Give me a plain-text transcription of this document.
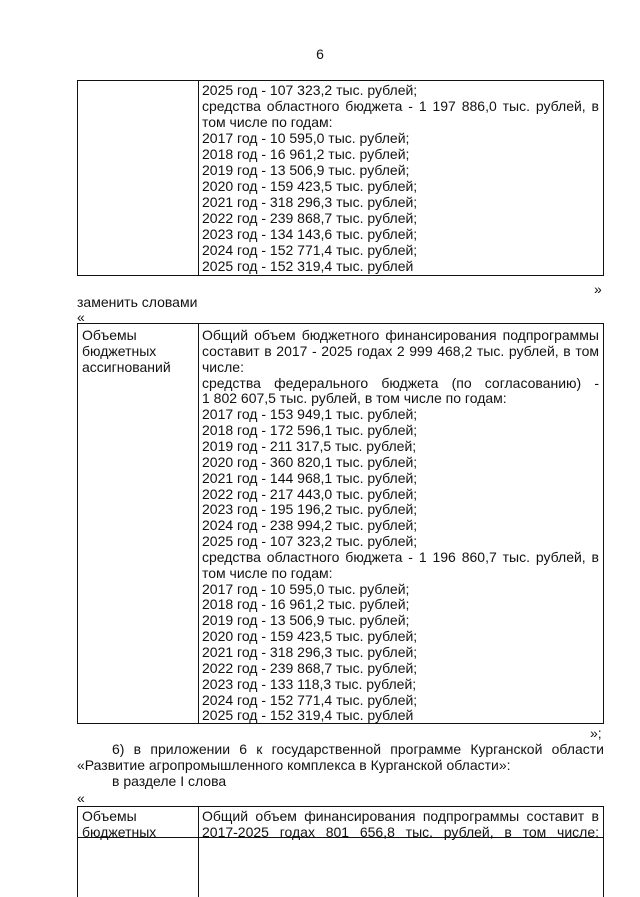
6
2025 год - 107 323,2 тыс. рублей;
средства областного бюджета - 1 197 886,0 тыс. рублей, в
том числе по годам:
2017 год - 10 595,0 тыс. рублей;
2018 год - 16 961,2 тыс. рублей;
2019 год - 13 506,9 тыс. рублей;
2020 год - 159 423,5 тыс. рублей;
2021 год - 318 296,3 тыс. рублей;
2022 год - 239 868,7 тыс. рублей;
2023 год - 134 143,6 тыс. рублей;
2024 год - 152 771,4 тыс. рублей;
2025 год - 152 319,4 тыс. рублей
»
заменить словами
«
Объемы
бюджетных
ассигнований
Общий объем бюджетного финансирования подпрограммы
составит в 2017 - 2025 годах 2 999 468,2 тыс. рублей, в том
числе:
средства федерального бюджета (по согласованию) -
1 802 607,5 тыс. рублей, в том числе по годам:
2017 год - 153 949,1 тыс. рублей;
2018 год - 172 596,1 тыс. рублей;
2019 год - 211 317,5 тыс. рублей;
2020 год - 360 820,1 тыс. рублей;
2021 год - 144 968,1 тыс. рублей;
2022 год - 217 443,0 тыс. рублей;
2023 год - 195 196,2 тыс. рублей;
2024 год - 238 994,2 тыс. рублей;
2025 год - 107 323,2 тыс. рублей;
средства областного бюджета - 1 196 860,7 тыс. рублей, в
том числе по годам:
2017 год - 10 595,0 тыс. рублей;
2018 год - 16 961,2 тыс. рублей;
2019 год - 13 506,9 тыс. рублей;
2020 год - 159 423,5 тыс. рублей;
2021 год - 318 296,3 тыс. рублей;
2022 год - 239 868,7 тыс. рублей;
2023 год - 133 118,3 тыс. рублей;
2024 год - 152 771,4 тыс. рублей;
2025 год - 152 319,4 тыс. рублей
»;
6) в приложении 6 к государственной программе Курганской области
«Развитие агропромышленного комплекса в Курганской области»:
в разделе I слова
«
Объемы
бюджетных
Общий объем финансирования подпрограммы составит в
2017-2025 годах 801 656,8 тыс. рублей, в том числе:
